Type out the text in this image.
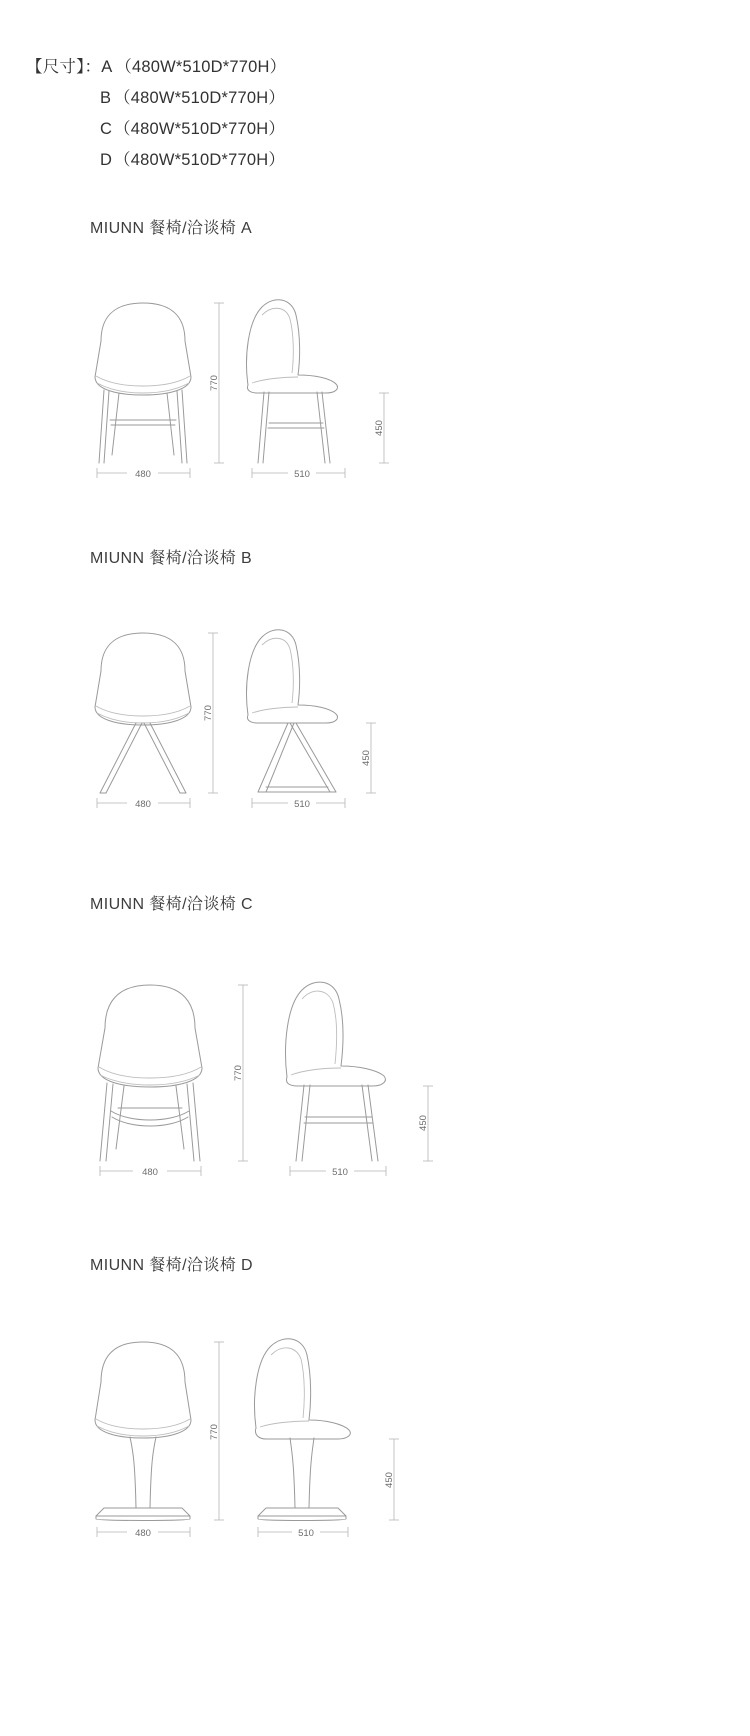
【尺寸】：A （480W*510D*770H）
B （480W*510D*770H）
C （480W*510D*770H）
D （480W*510D*770H）
MIUNN 餐椅/洽谈椅 A
770
450
480	510
MIUNN 餐椅/洽谈椅 B
770
450
480	510
MIUNN 餐椅/洽谈椅 C
770
450
480	510
MIUNN 餐椅/洽谈椅 D
770
450
480	510
